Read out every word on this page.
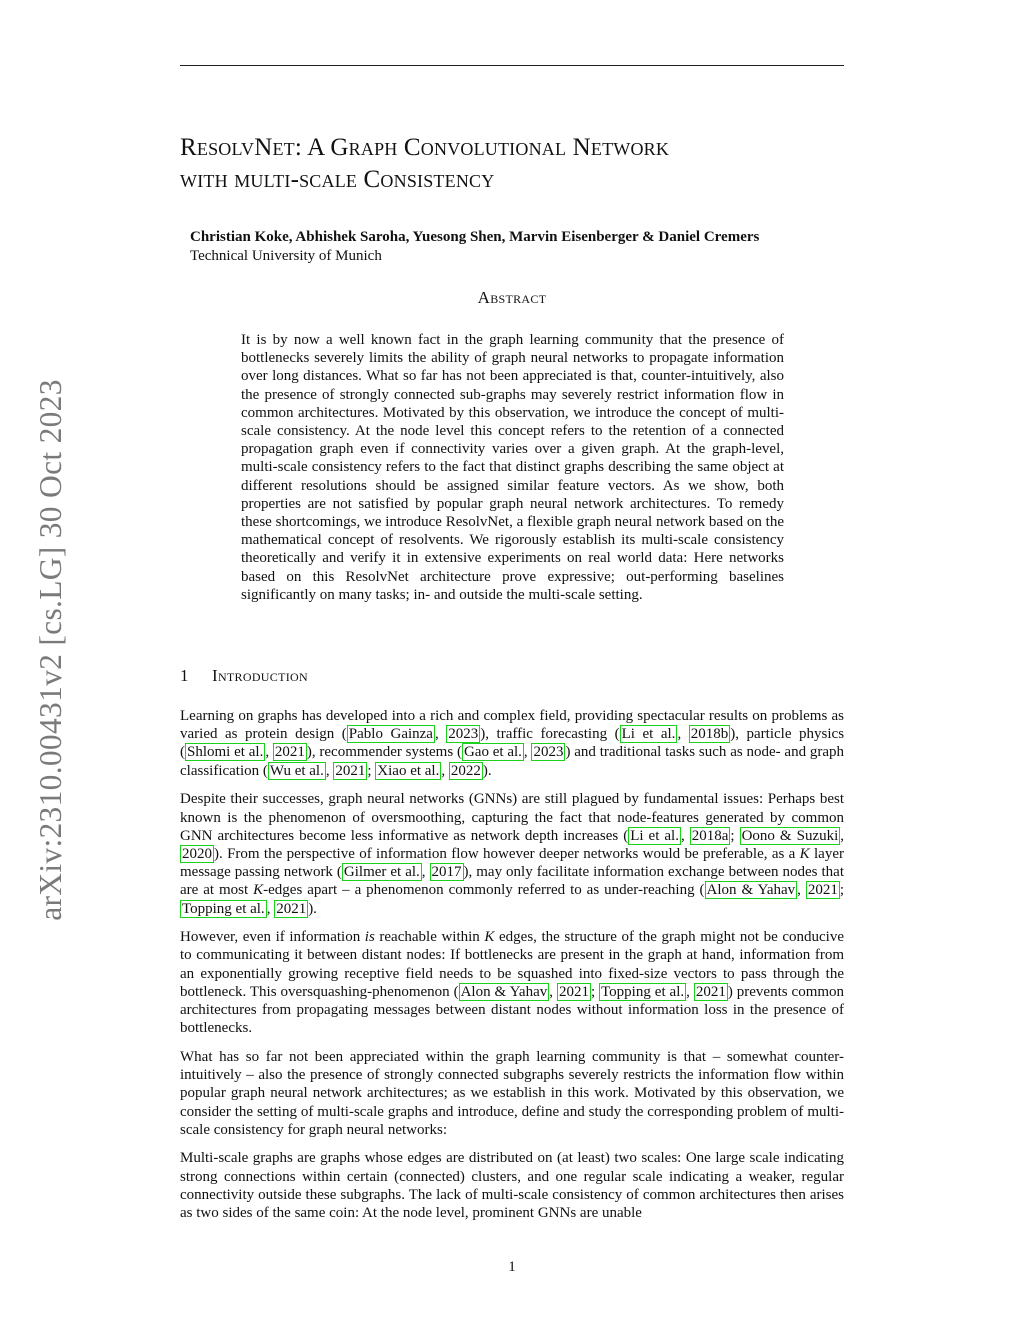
arXiv:2310.00431v2 [cs.LG] 30 Oct 2023
ResolvNet: A Graph Convolutional Network
with multi-scale Consistency
Christian Koke, Abhishek Saroha, Yuesong Shen, Marvin Eisenberger & Daniel Cremers
Technical University of Munich
Abstract
It is by now a well known fact in the graph learning community that the presence of bottlenecks severely limits the ability of graph neural networks to propagate information over long distances. What so far has not been appreciated is that, counter-intuitively, also the presence of strongly connected sub-graphs may severely restrict information flow in common architectures. Motivated by this observation, we introduce the concept of multi-scale consistency. At the node level this concept refers to the retention of a connected propagation graph even if connectivity varies over a given graph. At the graph-level, multi-scale consistency refers to the fact that distinct graphs describing the same object at different resolutions should be assigned similar feature vectors. As we show, both properties are not satisfied by popular graph neural network architectures. To remedy these shortcomings, we introduce ResolvNet, a flexible graph neural network based on the mathematical concept of resolvents. We rigorously establish its multi-scale consistency theoretically and verify it in extensive experiments on real world data: Here networks based on this ResolvNet architecture prove expressive; out-performing baselines significantly on many tasks; in- and outside the multi-scale setting.
1 Introduction

Learning on graphs has developed into a rich and complex field, providing spectacular results on problems as varied as protein design ( Pablo Gainza , 2023 ), traffic forecasting ( Li et al. , 2018b ), particle physics ( Shlomi et al. , 2021 ), recommender systems ( Gao et al. , 2023 ) and traditional tasks such as node- and graph classification ( Wu et al. , 2021 ; Xiao et al. , 2022 ).

Despite their successes, graph neural networks (GNNs) are still plagued by fundamental issues: Perhaps best known is the phenomenon of oversmoothing, capturing the fact that node-features generated by common GNN architectures become less informative as network depth increases ( Li et al. , 2018a ; Oono & Suzuki , 2020 ). From the perspective of information flow however deeper networks would be preferable, as a K layer message passing network ( Gilmer et al. , 2017 ), may only facilitate information exchange between nodes that are at most K-edges apart – a phenomenon commonly referred to as under-reaching ( Alon & Yahav , 2021 ; Topping et al. , 2021 ).

However, even if information is reachable within K edges, the structure of the graph might not be conducive to communicating it between distant nodes: If bottlenecks are present in the graph at hand, information from an exponentially growing receptive field needs to be squashed into fixed-size vectors to pass through the bottleneck. This oversquashing-phenomenon ( Alon & Yahav , 2021 ; Topping et al. , 2021 ) prevents common architectures from propagating messages between distant nodes without information loss in the presence of bottlenecks.

What has so far not been appreciated within the graph learning community is that – somewhat counter-intuitively – also the presence of strongly connected subgraphs severely restricts the information flow within popular graph neural network architectures; as we establish in this work. Motivated by this observation, we consider the setting of multi-scale graphs and introduce, define and study the corresponding problem of multi-scale consistency for graph neural networks:

Multi-scale graphs are graphs whose edges are distributed on (at least) two scales: One large scale indicating strong connections within certain (connected) clusters, and one regular scale indicating a weaker, regular connectivity outside these subgraphs. The lack of multi-scale consistency of common architectures then arises as two sides of the same coin: At the node level, prominent GNNs are unable

1
